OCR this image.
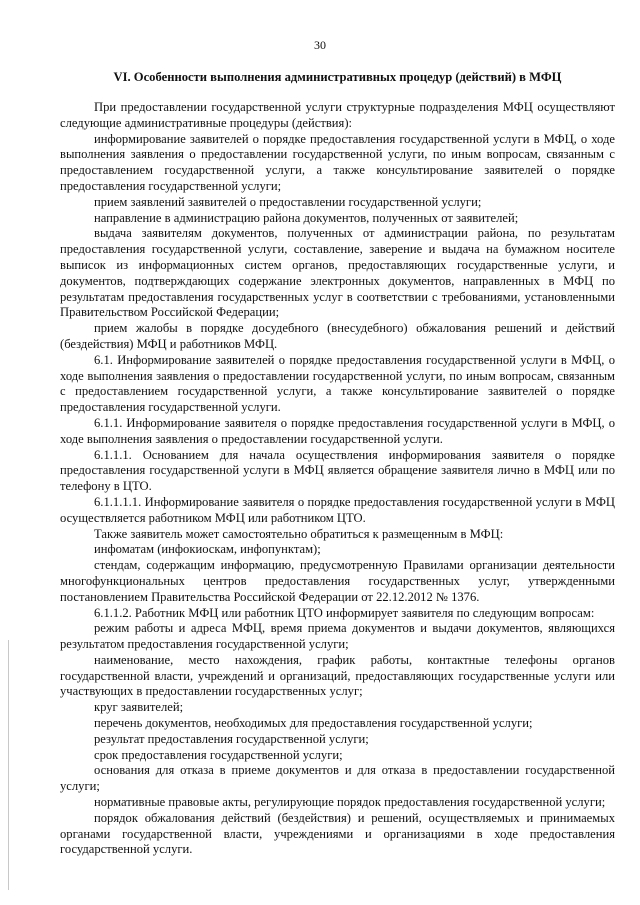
30
VI. Особенности выполнения административных процедур (действий) в МФЦ

При предоставлении государственной услуги структурные подразделения МФЦ осуществляют следующие административные процедуры (действия):

информирование заявителей о порядке предоставления государственной услуги в МФЦ, о ходе выполнения заявления о предоставлении государственной услуги, по иным вопросам, связанным с предоставлением государственной услуги, а также консультирование заявителей о порядке предоставления государственной услуги;

прием заявлений заявителей о предоставлении государственной услуги;

направление в администрацию района документов, полученных от заявителей;

выдача заявителям документов, полученных от администрации района, по результатам предоставления государственной услуги, составление, заверение и выдача на бумажном носителе выписок из информационных систем органов, предоставляющих государственные услуги, и документов, подтверждающих содержание электронных документов, направленных в МФЦ по результатам предоставления государственных услуг в соответствии с требованиями, установленными Правительством Российской Федерации;

прием жалобы в порядке досудебного (внесудебного) обжалования решений и действий (бездействия) МФЦ и работников МФЦ.

6.1. Информирование заявителей о порядке предоставления государственной услуги в МФЦ, о ходе выполнения заявления о предоставлении государственной услуги, по иным вопросам, связанным с предоставлением государственной услуги, а также консультирование заявителей о порядке предоставления государственной услуги.

6.1.1. Информирование заявителя о порядке предоставления государственной услуги в МФЦ, о ходе выполнения заявления о предоставлении государственной услуги.

6.1.1.1. Основанием для начала осуществления информирования заявителя о порядке предоставления государственной услуги в МФЦ является обращение заявителя лично в МФЦ или по телефону в ЦТО.

6.1.1.1.1. Информирование заявителя о порядке предоставления государственной услуги в МФЦ осуществляется работником МФЦ или работником ЦТО.

Также заявитель может самостоятельно обратиться к размещенным в МФЦ:

инфоматам (инфокиоскам, инфопунктам);

стендам, содержащим информацию, предусмотренную Правилами организации деятельности многофункциональных центров предоставления государственных услуг, утвержденными постановлением Правительства Российской Федерации от 22.12.2012 № 1376.

6.1.1.2. Работник МФЦ или работник ЦТО информирует заявителя по следующим вопросам:

режим работы и адреса МФЦ, время приема документов и выдачи документов, являющихся результатом предоставления государственной услуги;

наименование, место нахождения, график работы, контактные телефоны органов государственной власти, учреждений и организаций, предоставляющих государственные услуги или участвующих в предоставлении государственных услуг;

круг заявителей;

перечень документов, необходимых для предоставления государственной услуги;

результат предоставления государственной услуги;

срок предоставления государственной услуги;

основания для отказа в приеме документов и для отказа в предоставлении государственной услуги;

нормативные правовые акты, регулирующие порядок предоставления государственной услуги;

порядок обжалования действий (бездействия) и решений, осуществляемых и принимаемых органами государственной власти, учреждениями и организациями в ходе предоставления государственной услуги.
